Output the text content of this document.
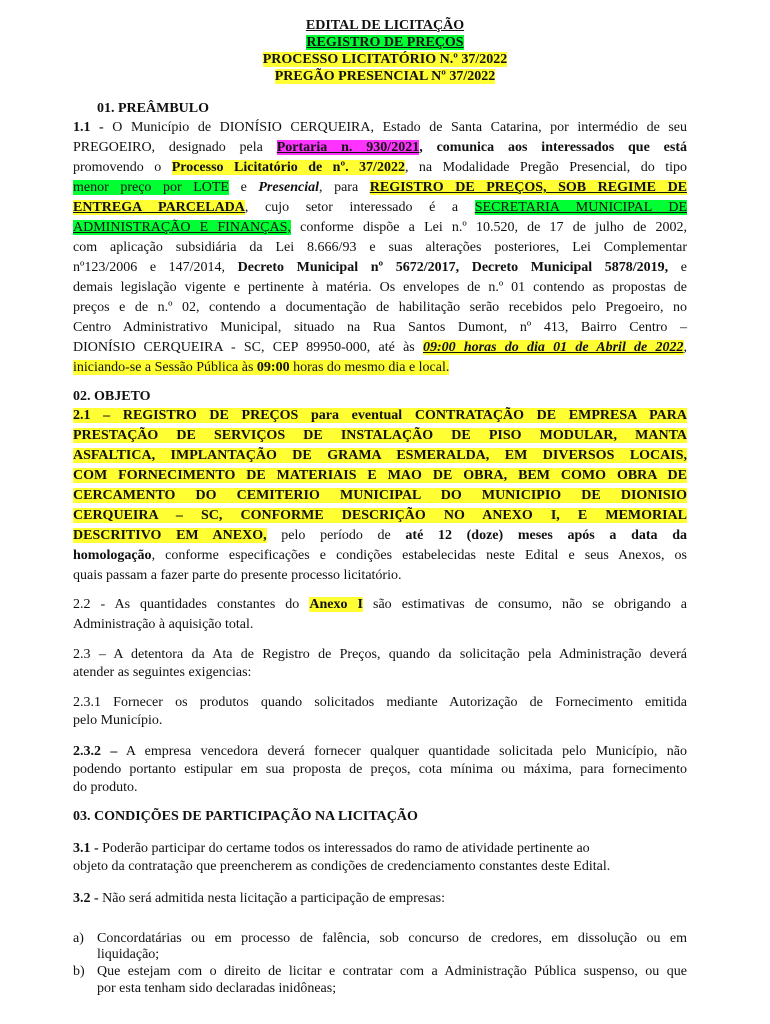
EDITAL DE LICITAÇÃO
REGISTRO DE PREÇOS
PROCESSO LICITATÓRIO N.º 37/2022
PREGÃO PRESENCIAL Nº 37/2022
01. PREÂMBULO
1.1 - O Município de DIONÍSIO CERQUEIRA, Estado de Santa Catarina, por intermédio de seu
PREGOEIRO, designado pela Portaria n. 930/2021, comunica aos interessados que está
promovendo o Processo Licitatório de nº. 37/2022, na Modalidade Pregão Presencial, do tipo
menor preço por LOTE e Presencial, para REGISTRO DE PREÇOS, SOB REGIME DE
ENTREGA PARCELADA, cujo setor interessado é a SECRETARIA MUNICIPAL DE
ADMINISTRAÇÃO E FINANÇAS, conforme dispõe a Lei n.º 10.520, de 17 de julho de 2002,
com aplicação subsidiária da Lei 8.666/93 e suas alterações posteriores, Lei Complementar
nº123/2006 e 147/2014, Decreto Municipal nº 5672/2017, Decreto Municipal 5878/2019, e
demais legislação vigente e pertinente à matéria. Os envelopes de n.º 01 contendo as propostas de
preços e de n.º 02, contendo a documentação de habilitação serão recebidos pelo Pregoeiro, no
Centro Administrativo Municipal, situado na Rua Santos Dumont, nº 413, Bairro Centro –
DIONÍSIO CERQUEIRA - SC, CEP 89950-000, até às 09:00 horas do dia 01 de Abril de 2022,
iniciando-se a Sessão Pública às 09:00 horas do mesmo dia e local.
02. OBJETO
2.1 – REGISTRO DE PREÇOS para eventual CONTRATAÇÃO DE EMPRESA PARA
PRESTAÇÃO DE SERVIÇOS DE INSTALAÇÃO DE PISO MODULAR, MANTA
ASFALTICA, IMPLANTAÇÃO DE GRAMA ESMERALDA, EM DIVERSOS LOCAIS,
COM FORNECIMENTO DE MATERIAIS E MAO DE OBRA, BEM COMO OBRA DE
CERCAMENTO DO CEMITERIO MUNICIPAL DO MUNICIPIO DE DIONISIO
CERQUEIRA – SC, CONFORME DESCRIÇÃO NO ANEXO I, E MEMORIAL
DESCRITIVO EM ANEXO, pelo período de até 12 (doze) meses após a data da
homologação, conforme especificações e condições estabelecidas neste Edital e seus Anexos, os
quais passam a fazer parte do presente processo licitatório.
2.2 - As quantidades constantes do Anexo I são estimativas de consumo, não se obrigando a
Administração à aquisição total.
2.3 – A detentora da Ata de Registro de Preços, quando da solicitação pela Administração deverá
atender as seguintes exigencias:
2.3.1 Fornecer os produtos quando solicitados mediante Autorização de Fornecimento emitida
pelo Município.
2.3.2 – A empresa vencedora deverá fornecer qualquer quantidade solicitada pelo Município, não
podendo portanto estipular em sua proposta de preços, cota mínima ou máxima, para fornecimento
do produto.
03. CONDIÇÕES DE PARTICIPAÇÃO NA LICITAÇÃO
3.1 - Poderão participar do certame todos os interessados do ramo de atividade pertinente ao
objeto da contratação que preencherem as condições de credenciamento constantes deste Edital.
3.2 - Não será admitida nesta licitação a participação de empresas:
a) Concordatárias ou em processo de falência, sob concurso de credores, em dissolução ou em
liquidação;
b) Que estejam com o direito de licitar e contratar com a Administração Pública suspenso, ou que
por esta tenham sido declaradas inidôneas;
